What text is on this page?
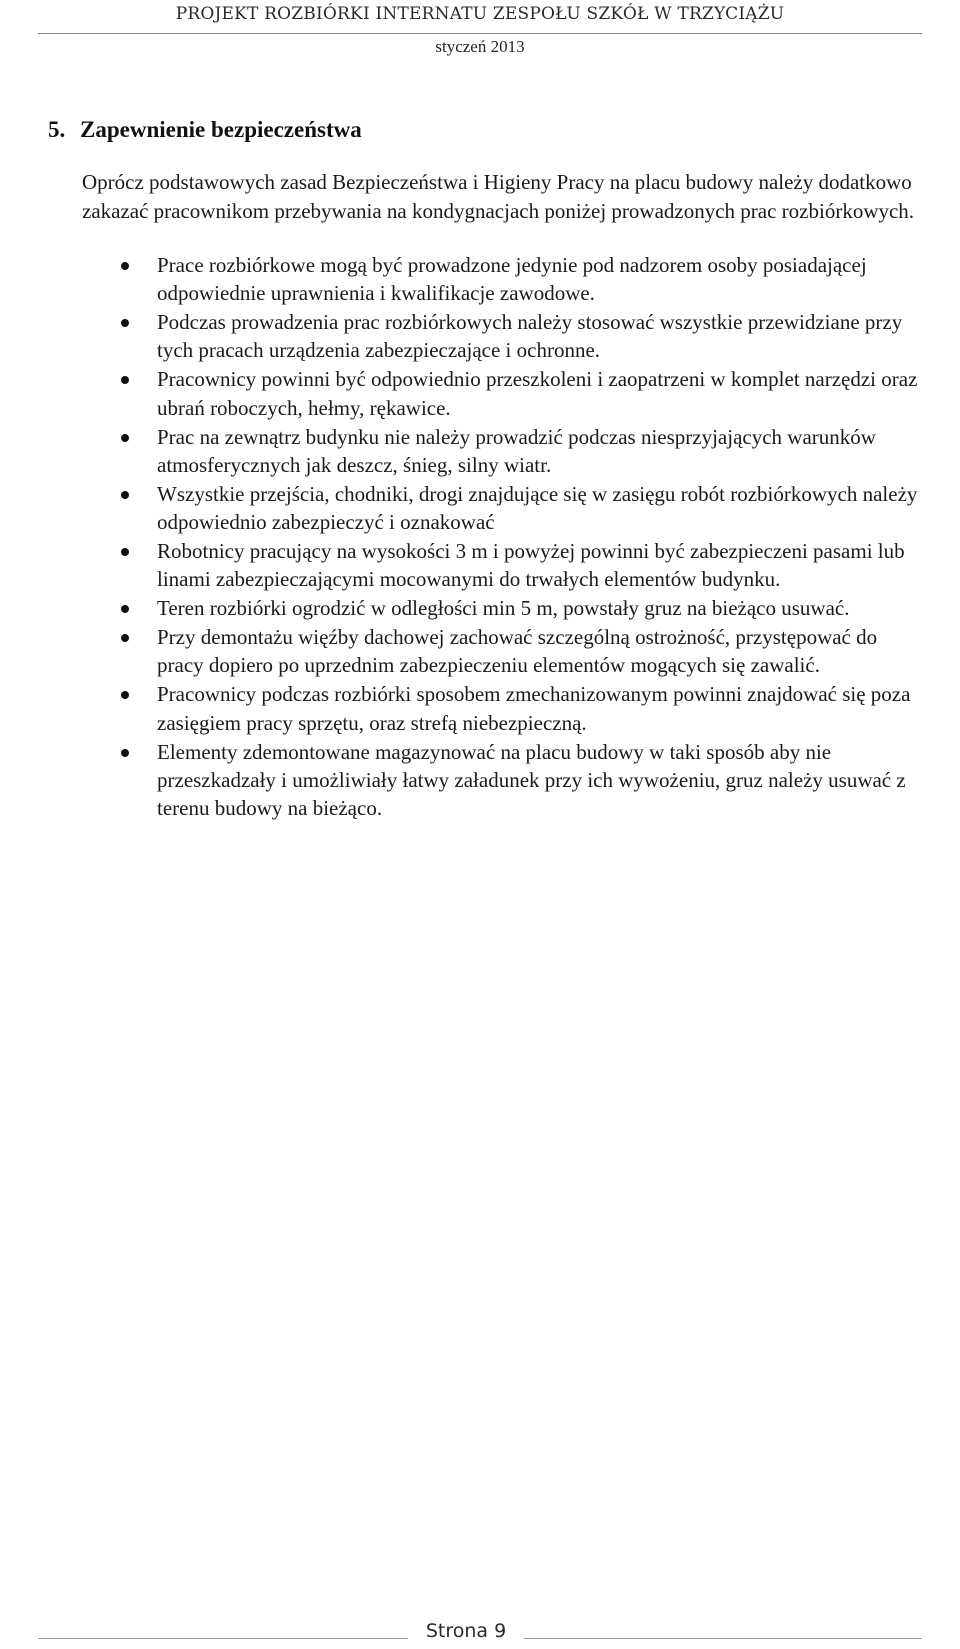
PROJEKT ROZBIÓRKI INTERNATU ZESPOŁU SZKÓŁ W TRZYCIĄŻU
styczeń 2013
5. Zapewnienie bezpieczeństwa

Oprócz podstawowych zasad Bezpieczeństwa i Higieny Pracy na placu budowy należy dodatkowo zakazać pracownikom przebywania na kondygnacjach poniżej prowadzonych prac rozbiórkowych.

Prace rozbiórkowe mogą być prowadzone jedynie pod nadzorem osoby posiadającej odpowiednie uprawnienia i kwalifikacje zawodowe.
Podczas prowadzenia prac rozbiórkowych należy stosować wszystkie przewidziane przy tych pracach urządzenia zabezpieczające i ochronne.
Pracownicy powinni być odpowiednio przeszkoleni i zaopatrzeni w komplet narzędzi oraz ubrań roboczych, hełmy, rękawice.
Prac na zewnątrz budynku nie należy prowadzić podczas niesprzyjających warunków atmosferycznych jak deszcz, śnieg, silny wiatr.
Wszystkie przejścia, chodniki, drogi znajdujące się w zasięgu robót rozbiórkowych należy odpowiednio zabezpieczyć i oznakować
Robotnicy pracujący na wysokości 3 m i powyżej powinni być zabezpieczeni pasami lub linami zabezpieczającymi mocowanymi do trwałych elementów budynku.
Teren rozbiórki ogrodzić w odległości min 5 m, powstały gruz na bieżąco usuwać.
Przy demontażu więźby dachowej zachować szczególną ostrożność, przystępować do pracy dopiero po uprzednim zabezpieczeniu elementów mogących się zawalić.
Pracownicy podczas rozbiórki sposobem zmechanizowanym powinni znajdować się poza zasięgiem pracy sprzętu, oraz strefą niebezpieczną.
Elementy zdemontowane magazynować na placu budowy w taki sposób aby nie przeszkadzały i umożliwiały łatwy załadunek przy ich wywożeniu, gruz należy usuwać z terenu budowy na bieżąco.
Strona 9
